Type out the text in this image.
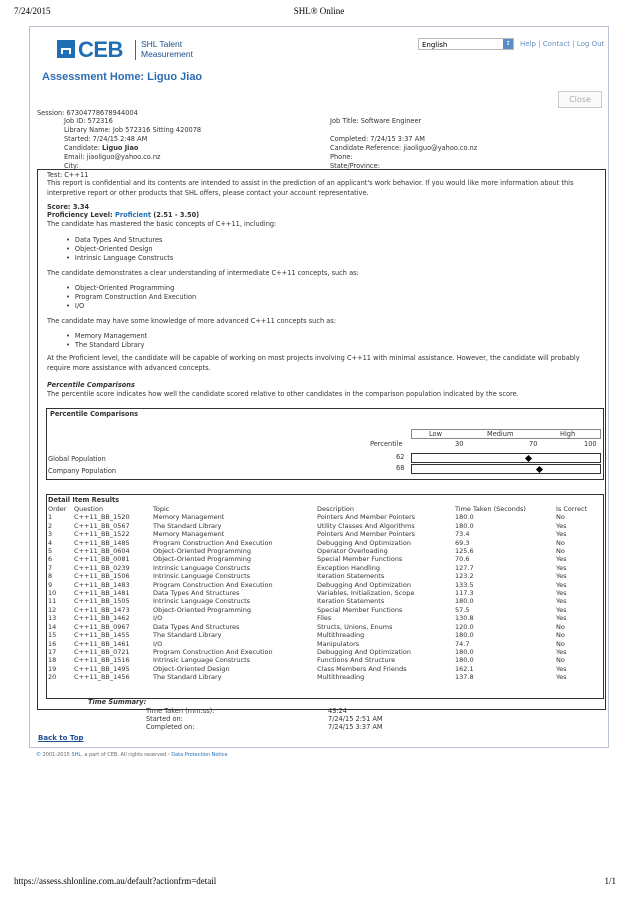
7/24/2015	SHL® Online
CEB SHL Talent
Measurement
English	↕	Help | Contact | Log Out
Assessment Home: Liguo Jiao
Close
Session: 67304778678944004
Job ID: 572316	Job Title: Software Engineer
Library Name: Job 572316 Sitting 420078
Started: 7/24/15 2:48 AM	Completed: 7/24/15 3:37 AM
Candidate: Liguo Jiao	Candidate Reference: jiaoliguo@yahoo.co.nz
Email: jiaoliguo@yahoo.co.nz	Phone:
City:	State/Province:
Test: C++11
This report is confidential and its contents are intended to assist in the prediction of an applicant's work behavior. If you would like more information about this interpretive report or other products that SHL offers, please contact your account representative.
Score: 3.34
Proficiency Level: Proficient (2.51 - 3.50)
The candidate has mastered the basic concepts of C++11, including:
• Data Types And Structures
• Object-Oriented Design
• Intrinsic Language Constructs
The candidate demonstrates a clear understanding of intermediate C++11 concepts, such as:
• Object-Oriented Programming
• Program Construction And Execution
• I/O
The candidate may have some knowledge of more advanced C++11 concepts such as:
• Memory Management
• The Standard Library
At the Proficient level, the candidate will be capable of working on most projects involving C++11 with minimal assistance. However, the candidate will probably require more assistance with advanced concepts.
Percentile Comparisons
The percentile score indicates how well the candidate scored relative to other candidates in the comparison population indicated by the score.
Percentile Comparisons
Low	Medium	High
Percentile	30	70	100
Global Population	62
Company Population	68
Detail Item Results
Order	Question	Topic	Description	Time Taken (Seconds)	Is Correct
1	C++11_BB_1520	Memory Management	Pointers And Member Pointers	180.0	No
2	C++11_BB_0567	The Standard Library	Utility Classes And Algorithms	180.0	Yes
3	C++11_BB_1522	Memory Management	Pointers And Member Pointers	73.4	Yes
4	C++11_BB_1485	Program Construction And Execution	Debugging And Optimization	69.3	No
5	C++11_BB_0604	Object-Oriented Programming	Operator Overloading	125.6	No
6	C++11_BB_0081	Object-Oriented Programming	Special Member Functions	70.6	Yes
7	C++11_BB_0239	Intrinsic Language Constructs	Exception Handling	127.7	Yes
8	C++11_BB_1506	Intrinsic Language Constructs	Iteration Statements	123.2	Yes
9	C++11_BB_1483	Program Construction And Execution	Debugging And Optimization	133.5	Yes
10	C++11_BB_1481	Data Types And Structures	Variables, Initialization, Scope	117.3	Yes
11	C++11_BB_1505	Intrinsic Language Constructs	Iteration Statements	180.0	Yes
12	C++11_BB_1473	Object-Oriented Programming	Special Member Functions	57.5	Yes
13	C++11_BB_1462	I/O	Files	130.8	Yes
14	C++11_BB_0967	Data Types And Structures	Structs, Unions, Enums	120.0	No
15	C++11_BB_1455	The Standard Library	Multithreading	180.0	No
16	C++11_BB_1461	I/O	Manipulators	74.7	No
17	C++11_BB_0721	Program Construction And Execution	Debugging And Optimization	180.0	Yes
18	C++11_BB_1516	Intrinsic Language Constructs	Functions And Structure	180.0	No
19	C++11_BB_1495	Object-Oriented Design	Class Members And Friends	162.1	Yes
20	C++11_BB_1456	The Standard Library	Multithreading	137.8	Yes
Time Summary:
Time Taken (mm:ss):	43:24
Started on:	7/24/15 2:51 AM
Completed on:	7/24/15 3:37 AM
Back to Top
© 2001-2015 SHL, a part of CEB. All rights reserved - Data Protection Notice
https://assess.shlonline.com.au/default?actionfrm=detail	1/1
